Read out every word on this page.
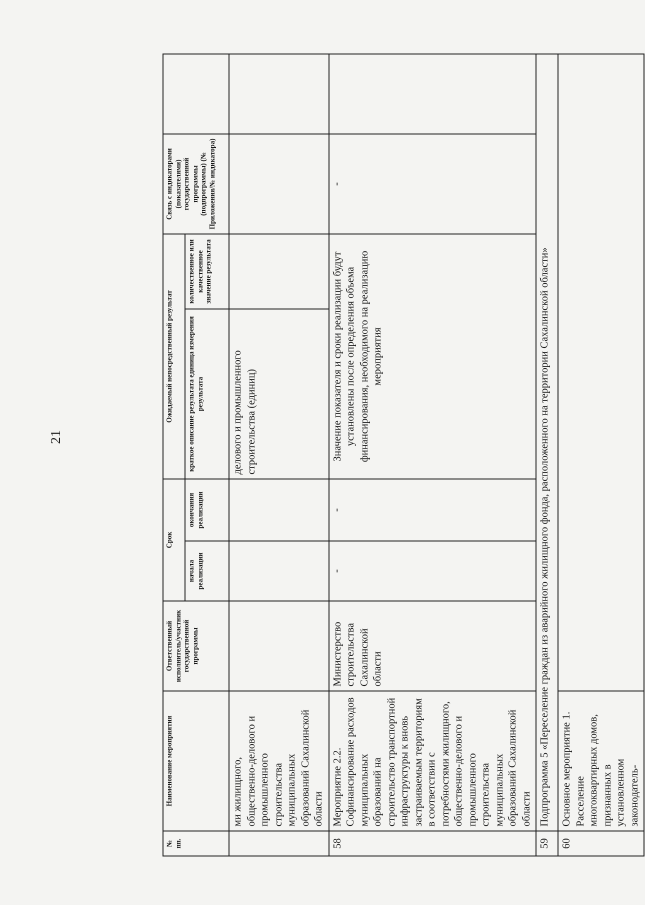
21
№ пп.	Наименование мероприятия	Ответственный исполнитель/участник государственной программы	Срок		Ожидаемый непосредственный результат		Связь с индикаторами (показателями) государственной программы (подпрограммы) (№ Приложения/№ индикатора)	
			начала реализации	окончания реализации	краткое описание результата единица измерения результата	количественное или качественное значение результата		
	ми жилищного, общественно-делового и промышленного строительства муниципальных образований Сахалинской области				делового и промышленного строительства (единиц)			
58	Мероприятие 2.2. Софинансирование расходов муниципальных образований на строительство транспортной инфраструктуры к вновь застраиваемым территориям в соответствии с потребностями жилищного, общественно-делового и промышленного строительства муниципальных образований Сахалинской области	Министерство строительства Сахалинской области	-	-	Значение показателя и сроки реализации будут установлены после определения объема финансирования, необходимого на реализацию мероприятия		-	
59	Подпрограмма 5 «Переселение граждан из аварийного жилищного фонда, расположенного на территории Сахалинской области»							
60	Основное мероприятие 1. Расселение многоквартирных домов, признанных в установленном законодатель-							
